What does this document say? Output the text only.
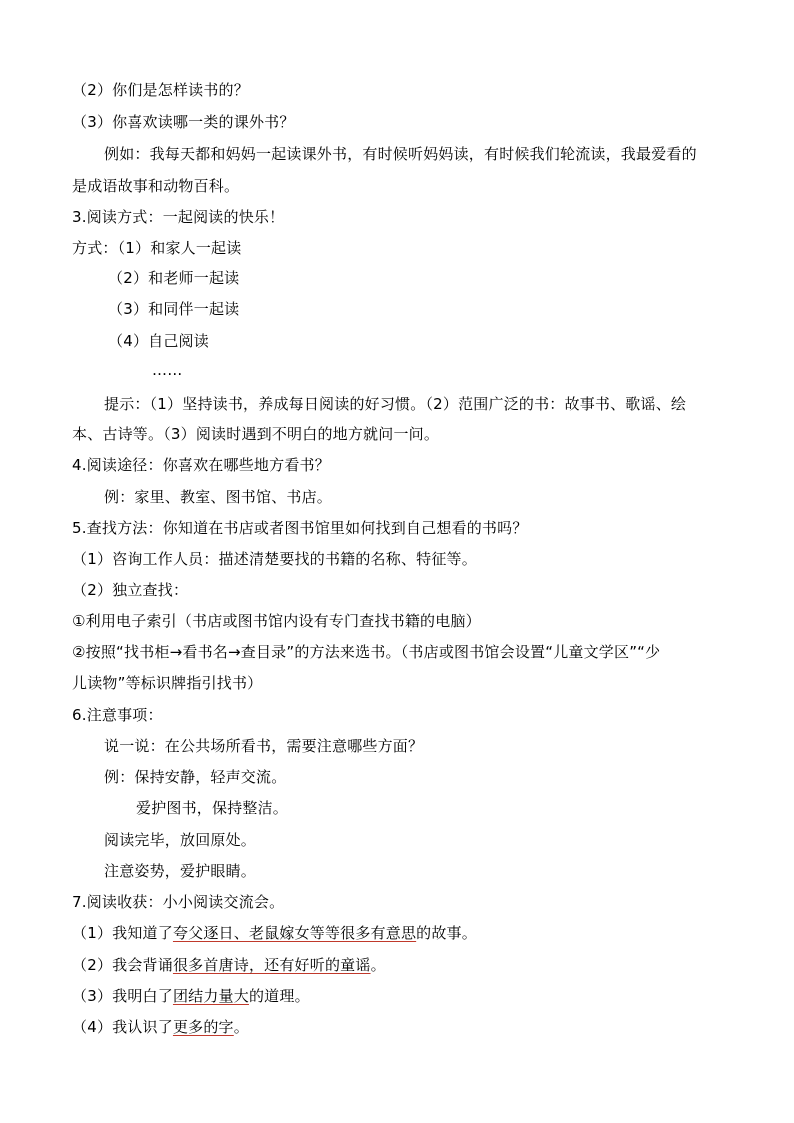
（2）你们是怎样读书的？
（3）你喜欢读哪一类的课外书？
例如：我每天都和妈妈一起读课外书，有时候听妈妈读，有时候我们轮流读，我最爱看的
是成语故事和动物百科。
3.阅读方式：一起阅读的快乐！
方式：（1）和家人一起读
（2）和老师一起读
（3）和同伴一起读
（4）自己阅读
……
提示：（1）坚持读书，养成每日阅读的好习惯。（2）范围广泛的书：故事书、歌谣、绘
本、古诗等。（3）阅读时遇到不明白的地方就问一问。
4.阅读途径：你喜欢在哪些地方看书？
例：家里、教室、图书馆、书店。
5.查找方法：你知道在书店或者图书馆里如何找到自己想看的书吗？
（1）咨询工作人员：描述清楚要找的书籍的名称、特征等。
（2）独立查找：
①利用电子索引（书店或图书馆内设有专门查找书籍的电脑）
②按照“找书柜→看书名→查目录”的方法来选书。（书店或图书馆会设置“儿童文学区”“少
儿读物”等标识牌指引找书）
6.注意事项：
说一说：在公共场所看书，需要注意哪些方面？
例：保持安静，轻声交流。
爱护图书，保持整洁。
阅读完毕，放回原处。
注意姿势，爱护眼睛。
7.阅读收获：小小阅读交流会。
（1）我知道了夸父逐日、老鼠嫁女等等很多有意思的故事。
（2）我会背诵很多首唐诗，还有好听的童谣。
（3）我明白了团结力量大的道理。
（4）我认识了更多的字。
